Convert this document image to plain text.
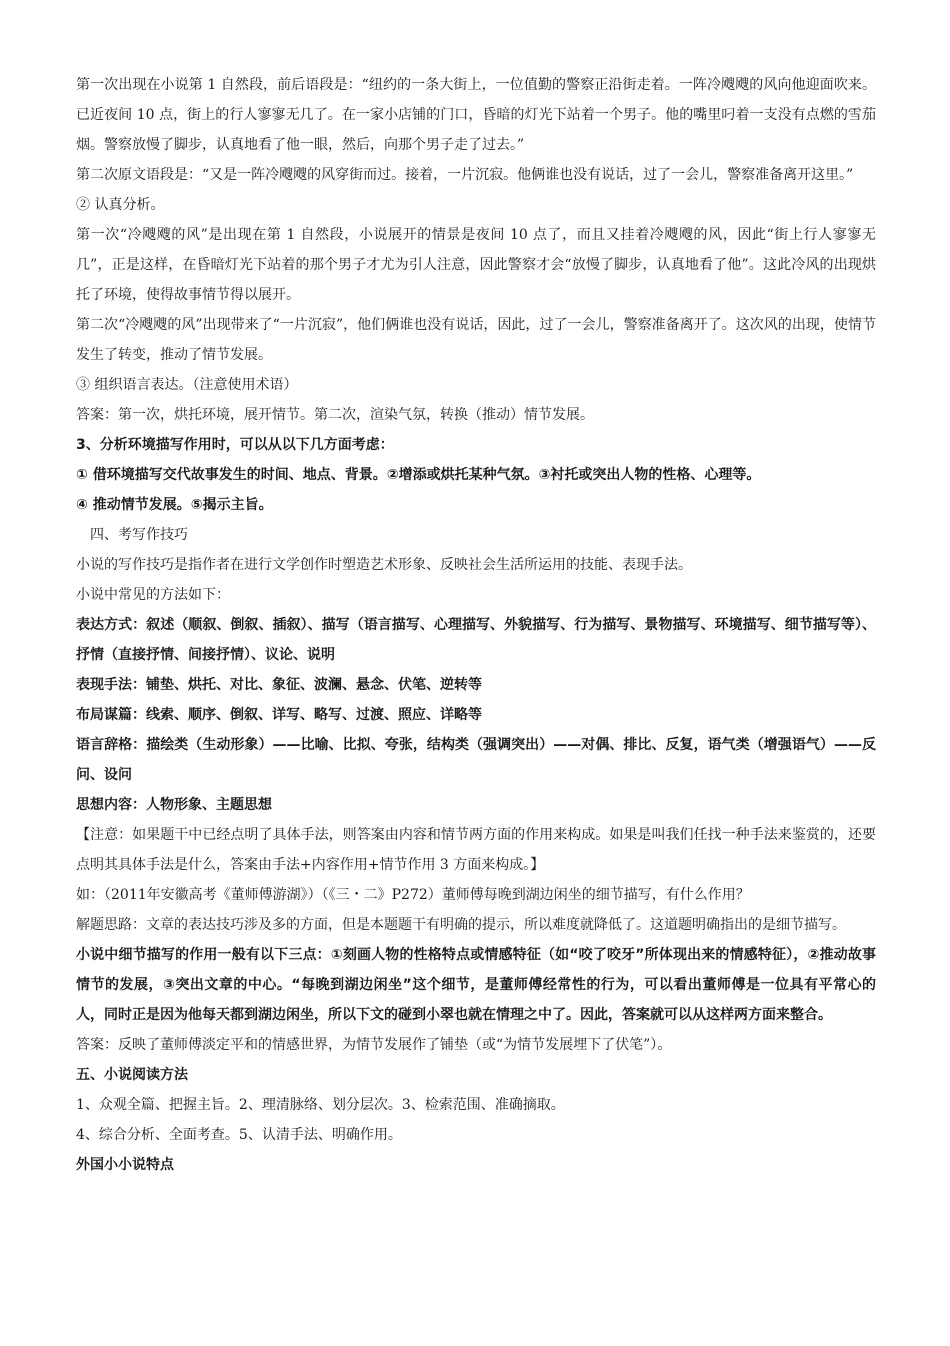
第一次出现在小说第 1 自然段，前后语段是：“纽约的一条大街上，一位值勤的警察正沿街走着。一阵冷飕飕的风向他迎面吹来。已近夜间 10 点，街上的行人寥寥无几了。在一家小店铺的门口，昏暗的灯光下站着一个男子。他的嘴里叼着一支没有点燃的雪茄烟。警察放慢了脚步，认真地看了他一眼，然后，向那个男子走了过去。”

第二次原文语段是：“又是一阵冷飕飕的风穿街而过。接着，一片沉寂。他俩谁也没有说话，过了一会儿，警察准备离开这里。”

② 认真分析。

第一次“冷飕飕的风”是出现在第 1 自然段，小说展开的情景是夜间 10 点了，而且又挂着冷飕飕的风，因此“街上行人寥寥无几”，正是这样，在昏暗灯光下站着的那个男子才尤为引人注意，因此警察才会“放慢了脚步，认真地看了他”。这此冷风的出现烘托了环境，使得故事情节得以展开。

第二次“冷飕飕的风”出现带来了“一片沉寂”，他们俩谁也没有说话，因此，过了一会儿，警察准备离开了。这次风的出现，使情节发生了转变，推动了情节发展。

③ 组织语言表达。（注意使用术语）

答案：第一次，烘托环境，展开情节。第二次，渲染气氛，转换（推动）情节发展。

3、分析环境描写作用时，可以从以下几方面考虑：

① 借环境描写交代故事发生的时间、地点、背景。②增添或烘托某种气氛。③衬托或突出人物的性格、心理等。

④ 推动情节发展。⑤揭示主旨。

四、考写作技巧

小说的写作技巧是指作者在进行文学创作时塑造艺术形象、反映社会生活所运用的技能、表现手法。

小说中常见的方法如下：

表达方式：叙述（顺叙、倒叙、插叙）、描写（语言描写、心理描写、外貌描写、行为描写、景物描写、环境描写、细节描写等）、抒情（直接抒情、间接抒情）、议论、说明

表现手法：铺垫、烘托、对比、象征、波澜、悬念、伏笔、逆转等

布局谋篇：线索、顺序、倒叙、详写、略写、过渡、照应、详略等

语言辞格：描绘类（生动形象）——比喻、比拟、夸张，结构类（强调突出）——对偶、排比、反复，语气类（增强语气）——反问、设问

思想内容：人物形象、主题思想

【注意：如果题干中已经点明了具体手法，则答案由内容和情节两方面的作用来构成。如果是叫我们任找一种手法来鉴赏的，还要点明其具体手法是什么，答案由手法+内容作用+情节作用 3 方面来构成。】

如：（2011年安徽高考《董师傅游湖》）（《三・二》P272）董师傅每晚到湖边闲坐的细节描写，有什么作用？

解题思路：文章的表达技巧涉及多的方面，但是本题题干有明确的提示，所以难度就降低了。这道题明确指出的是细节描写。

小说中细节描写的作用一般有以下三点：①刻画人物的性格特点或情感特征（如“咬了咬牙”所体现出来的情感特征），②推动故事情节的发展，③突出文章的中心。“每晚到湖边闲坐”这个细节，是董师傅经常性的行为，可以看出董师傅是一位具有平常心的人，同时正是因为他每天都到湖边闲坐，所以下文的碰到小翠也就在情理之中了。因此，答案就可以从这样两方面来整合。

答案：反映了董师傅淡定平和的情感世界，为情节发展作了铺垫（或“为情节发展埋下了伏笔”）。

五、小说阅读方法

1、众观全篇、把握主旨。2、理清脉络、划分层次。3、检索范围、准确摘取。

4、综合分析、全面考查。5、认清手法、明确作用。

外国小小说特点
